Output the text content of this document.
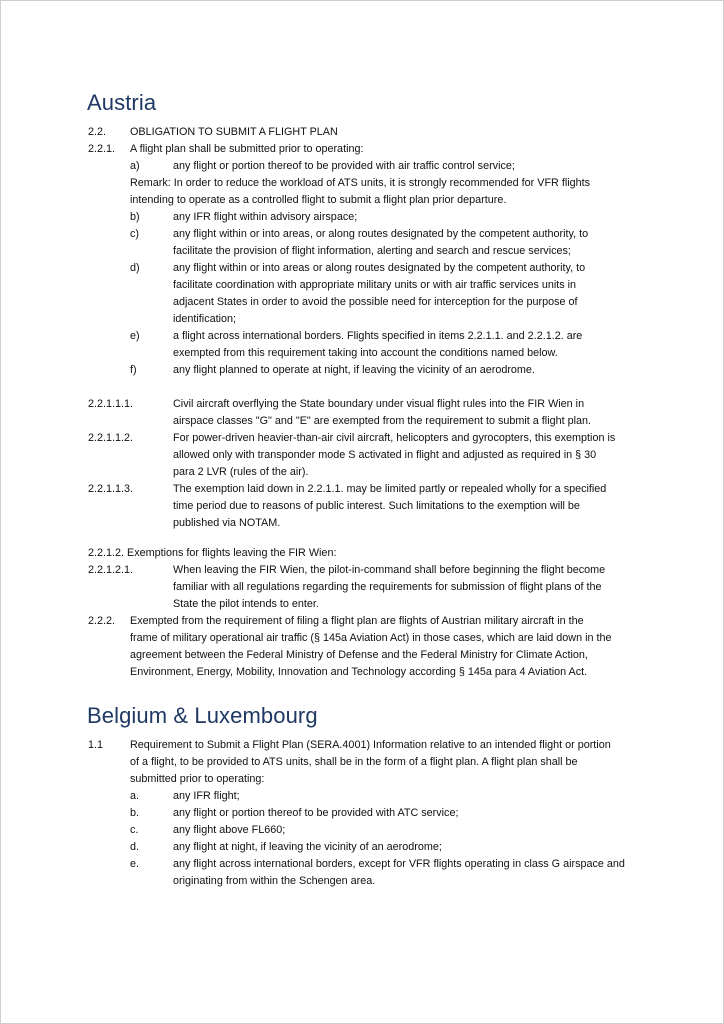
Austria
2.2. OBLIGATION TO SUBMIT A FLIGHT PLAN
2.2.1. A flight plan shall be submitted prior to operating:
a)	any flight or portion thereof to be provided with air traffic control service;
Remark: In order to reduce the workload of ATS units, it is strongly recommended for VFR flights
intending to operate as a controlled flight to submit a flight plan prior departure.
b)	any IFR flight within advisory airspace;
c)	any flight within or into areas, or along routes designated by the competent authority, to
facilitate the provision of flight information, alerting and search and rescue services;
d)	any flight within or into areas or along routes designated by the competent authority, to
facilitate coordination with appropriate military units or with air traffic services units in
adjacent States in order to avoid the possible need for interception for the purpose of
identification;
e)	a flight across international borders. Flights specified in items 2.2.1.1. and 2.2.1.2. are
exempted from this requirement taking into account the conditions named below.
f)	any flight planned to operate at night, if leaving the vicinity of an aerodrome.
2.2.1.1.1.	Civil aircraft overflying the State boundary under visual flight rules into the FIR Wien in
airspace classes "G" and "E" are exempted from the requirement to submit a flight plan.
2.2.1.1.2.	For power-driven heavier-than-air civil aircraft, helicopters and gyrocopters, this exemption is
allowed only with transponder mode S activated in flight and adjusted as required in § 30
para 2 LVR (rules of the air).
2.2.1.1.3.	The exemption laid down in 2.2.1.1. may be limited partly or repealed wholly for a specified
time period due to reasons of public interest. Such limitations to the exemption will be
published via NOTAM.
2.2.1.2. Exemptions for flights leaving the FIR Wien:
2.2.1.2.1.	When leaving the FIR Wien, the pilot-in-command shall before beginning the flight become
familiar with all regulations regarding the requirements for submission of flight plans of the
State the pilot intends to enter.
2.2.2. Exempted from the requirement of filing a flight plan are flights of Austrian military aircraft in the
frame of military operational air traffic (§ 145a Aviation Act) in those cases, which are laid down in the
agreement between the Federal Ministry of Defense and the Federal Ministry for Climate Action,
Environment, Energy, Mobility, Innovation and Technology according § 145a para 4 Aviation Act.
Belgium & Luxembourg
1.1 Requirement to Submit a Flight Plan (SERA.4001) Information relative to an intended flight or portion
of a flight, to be provided to ATS units, shall be in the form of a flight plan. A flight plan shall be
submitted prior to operating:
a.	any IFR flight;
b.	any flight or portion thereof to be provided with ATC service;
c.	any flight above FL660;
d.	any flight at night, if leaving the vicinity of an aerodrome;
e.	any flight across international borders, except for VFR flights operating in class G airspace and
originating from within the Schengen area.
